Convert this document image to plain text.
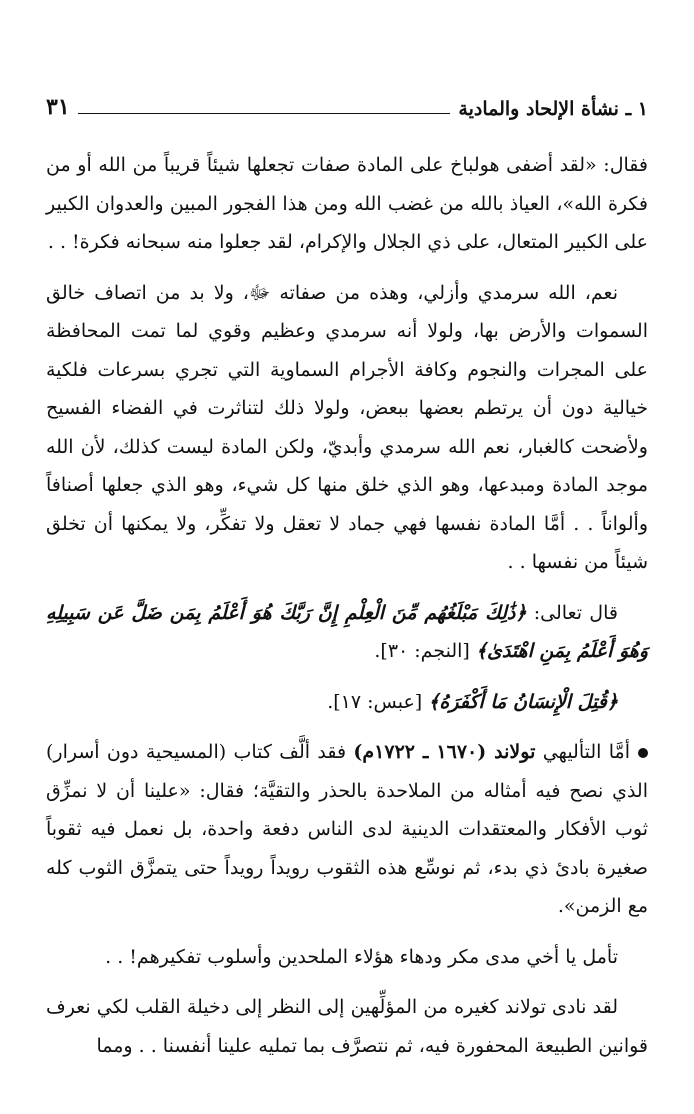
١ ـ نشأة الإلحاد والمادية
٣١

فقال: «لقد أضفى هولباخ على المادة صفات تجعلها شيئاً قريباً من الله أو من فكرة الله»، العياذ بالله من غضب الله ومن هذا الفجور المبين والعدوان الكبير على الكبير المتعال، على ذي الجلال والإكرام، لقد جعلوا منه سبحانه فكرة! . .

نعم، الله سرمدي وأزلي، وهذه من صفاته ﷻ، ولا بد من اتصاف خالق السموات والأرض بها، ولولا أنه سرمدي وعظيم وقوي لما تمت المحافظة على المجرات والنجوم وكافة الأجرام السماوية التي تجري بسرعات فلكية خيالية دون أن يرتطم بعضها ببعض، ولولا ذلك لتناثرت في الفضاء الفسيح ولأضحت كالغبار، نعم الله سرمدي وأبديّ، ولكن المادة ليست كذلك، لأن الله موجد المادة ومبدعها، وهو الذي خلق منها كل شيء، وهو الذي جعلها أصنافاً وألواناً . . أمَّا المادة نفسها فهي جماد لا تعقل ولا تفكِّر، ولا يمكنها أن تخلق شيئاً من نفسها . .

قال تعالى: ﴿ذَٰلِكَ مَبْلَغُهُم مِّنَ الْعِلْمِ إِنَّ رَبَّكَ هُوَ أَعْلَمُ بِمَن ضَلَّ عَن سَبِيلِهِ وَهُوَ أَعْلَمُ بِمَنِ اهْتَدَىٰ﴾ [النجم: ٣٠].

﴿قُتِلَ الْإِنسَانُ مَا أَكْفَرَهُ﴾ [عبس: ١٧].

أمَّا التأليهي تولاند (١٦٧٠ ـ ١٧٢٢م) فقد ألَّف كتاب (المسيحية دون أسرار) الذي نصح فيه أمثاله من الملاحدة بالحذر والتقيَّة؛ فقال: «علينا أن لا نمزِّق ثوب الأفكار والمعتقدات الدينية لدى الناس دفعة واحدة، بل نعمل فيه ثقوباً صغيرة بادئ ذي بدء، ثم نوسِّع هذه الثقوب رويداً رويداً حتى يتمزَّق الثوب كله مع الزمن».

تأمل يا أخي مدى مكر ودهاء هؤلاء الملحدين وأسلوب تفكيرهم! . .

لقد نادى تولاند كغيره من المؤلِّهين إلى النظر إلى دخيلة القلب لكي نعرف قوانين الطبيعة المحفورة فيه، ثم نتصرَّف بما تمليه علينا أنفسنا . . ومما
